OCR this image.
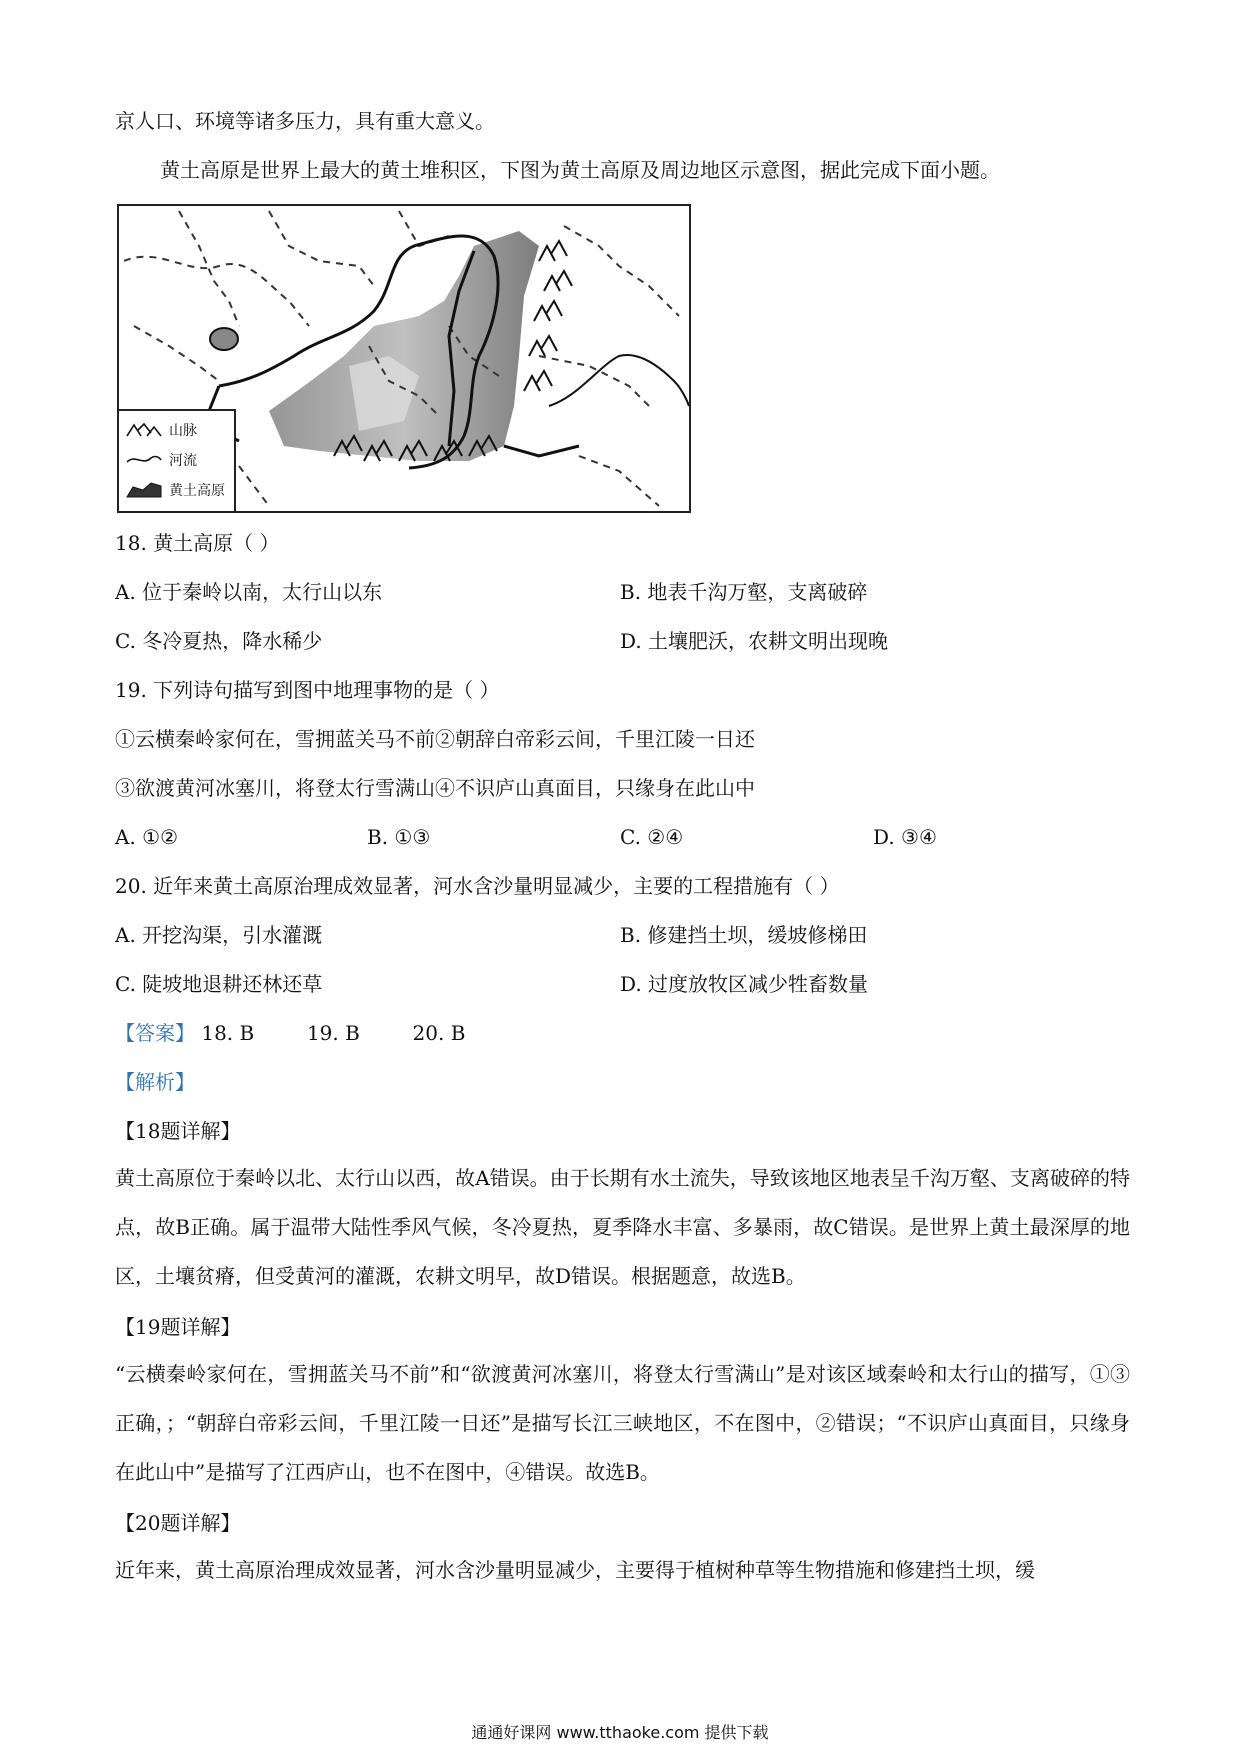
京人口、环境等诸多压力，具有重大意义。
黄土高原是世界上最大的黄土堆积区，下图为黄土高原及周边地区示意图，据此完成下面小题。
山脉
河流
黄土高原
18. 黄土高原（ ）
A. 位于秦岭以南，太行山以东	B. 地表千沟万壑，支离破碎
C. 冬冷夏热，降水稀少	D. 土壤肥沃，农耕文明出现晚
19. 下列诗句描写到图中地理事物的是（ ）
①云横秦岭家何在，雪拥蓝关马不前②朝辞白帝彩云间，千里江陵一日还
③欲渡黄河冰塞川，将登太行雪满山④不识庐山真面目，只缘身在此山中
A. ①②	B. ①③	C. ②④	D. ③④
20. 近年来黄土高原治理成效显著，河水含沙量明显减少，主要的工程措施有（ ）
A. 开挖沟渠，引水灌溉	B. 修建挡土坝，缓坡修梯田
C. 陡坡地退耕还林还草	D. 过度放牧区减少牲畜数量
【答案】 18. B	19. B	20. B
【解析】
【18题详解】
黄土高原位于秦岭以北、太行山以西，故A错误。由于长期有水土流失，导致该地区地表呈千沟万壑、支离破碎的特点，故B正确。属于温带大陆性季风气候，冬冷夏热，夏季降水丰富、多暴雨，故C错误。是世界上黄土最深厚的地区，土壤贫瘠，但受黄河的灌溉，农耕文明早，故D错误。根据题意，故选B。
【19题详解】
“云横秦岭家何在，雪拥蓝关马不前”和“欲渡黄河冰塞川，将登太行雪满山”是对该区域秦岭和太行山的描写，①③正确，；“朝辞白帝彩云间，千里江陵一日还”是描写长江三峡地区，不在图中，②错误；“不识庐山真面目，只缘身在此山中”是描写了江西庐山，也不在图中，④错误。故选B。
【20题详解】
近年来，黄土高原治理成效显著，河水含沙量明显减少，主要得于植树种草等生物措施和修建挡土坝，缓
通通好课网 www.tthaoke.com 提供下载
